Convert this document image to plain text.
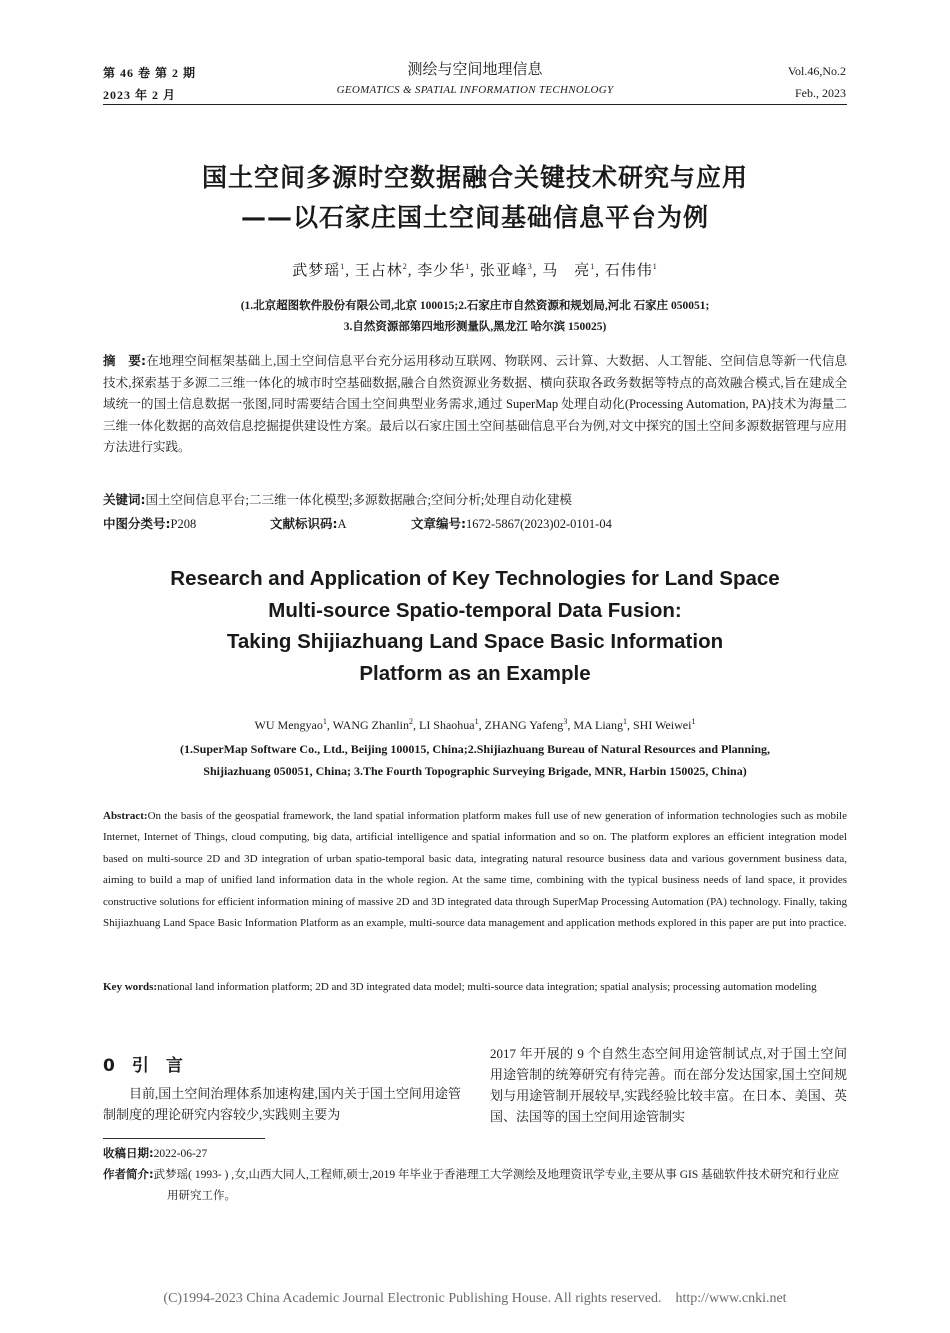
第 46 卷 第 2 期
2023 年 2 月
测绘与空间地理信息
GEOMATICS & SPATIAL INFORMATION TECHNOLOGY
Vol.46,No.2
Feb., 2023
国土空间多源时空数据融合关键技术研究与应用
——以石家庄国土空间基础信息平台为例
武梦瑶$^1$, 王占林$^2$, 李少华$^1$, 张亚峰$^3$, 马　亮$^1$, 石伟伟$^1$
(1.北京超图软件股份有限公司,北京 100015;2.石家庄市自然资源和规划局,河北 石家庄 050051;
3.自然资源部第四地形测量队,黑龙江 哈尔滨 150025)
摘　要:在地理空间框架基础上,国土空间信息平台充分运用移动互联网、物联网、云计算、大数据、人工智能、空间信息等新一代信息技术,探索基于多源二三维一体化的城市时空基础数据,融合自然资源业务数据、横向获取各政务数据等特点的高效融合模式,旨在建成全域统一的国土信息数据一张图,同时需要结合国土空间典型业务需求,通过 SuperMap 处理自动化(Processing Automation, PA)技术为海量二三维一体化数据的高效信息挖掘提供建设性方案。最后以石家庄国土空间基础信息平台为例,对文中探究的国土空间多源数据管理与应用方法进行实践。
关键词:国土空间信息平台;二三维一体化模型;多源数据融合;空间分析;处理自动化建模
中图分类号:P208	文献标识码:A	文章编号:1672-5867(2023)02-0101-04
Research and Application of Key Technologies for Land Space
Multi-source Spatio-temporal Data Fusion:
Taking Shijiazhuang Land Space Basic Information
Platform as an Example
WU Mengyao$^1$, WANG Zhanlin$^2$, LI Shaohua$^1$, ZHANG Yafeng$^3$, MA Liang$^1$, SHI Weiwei$^1$
(1.SuperMap Software Co., Ltd., Beijing 100015, China;2.Shijiazhuang Bureau of Natural Resources and Planning,
Shijiazhuang 050051, China; 3.The Fourth Topographic Surveying Brigade, MNR, Harbin 150025, China)
Abstract:On the basis of the geospatial framework, the land spatial information platform makes full use of new generation of information technologies such as mobile Internet, Internet of Things, cloud computing, big data, artificial intelligence and spatial information and so on. The platform explores an efficient integration model based on multi-source 2D and 3D integration of urban spatio-temporal basic data, integrating natural resource business data and various government business data, aiming to build a map of unified land information data in the whole region. At the same time, combining with the typical business needs of land space, it provides constructive solutions for efficient information mining of massive 2D and 3D integrated data through SuperMap Processing Automation (PA) technology. Finally, taking Shijiazhuang Land Space Basic Information Platform as an example, multi-source data management and application methods explored in this paper are put into practice.
Key words:national land information platform; 2D and 3D integrated data model; multi-source data integration; spatial analysis; processing automation modeling
0　引　言
目前,国土空间治理体系加速构建,国内关于国土空间用途管制制度的理论研究内容较少,实践则主要为
2017 年开展的 9 个自然生态空间用途管制试点,对于国土空间用途管制的统筹研究有待完善。而在部分发达国家,国土空间规划与用途管制开展较早,实践经验比较丰富。在日本、美国、英国、法国等的国土空间用途管制实
收稿日期:2022-06-27
作者简介:武梦瑶( 1993- ) ,女,山西大同人,工程师,硕士,2019 年毕业于香港理工大学测绘及地理资讯学专业,主要从事 GIS 基础软件技术研究和行业应用研究工作。
(C)1994-2023 China Academic Journal Electronic Publishing House. All rights reserved.　http://www.cnki.net
